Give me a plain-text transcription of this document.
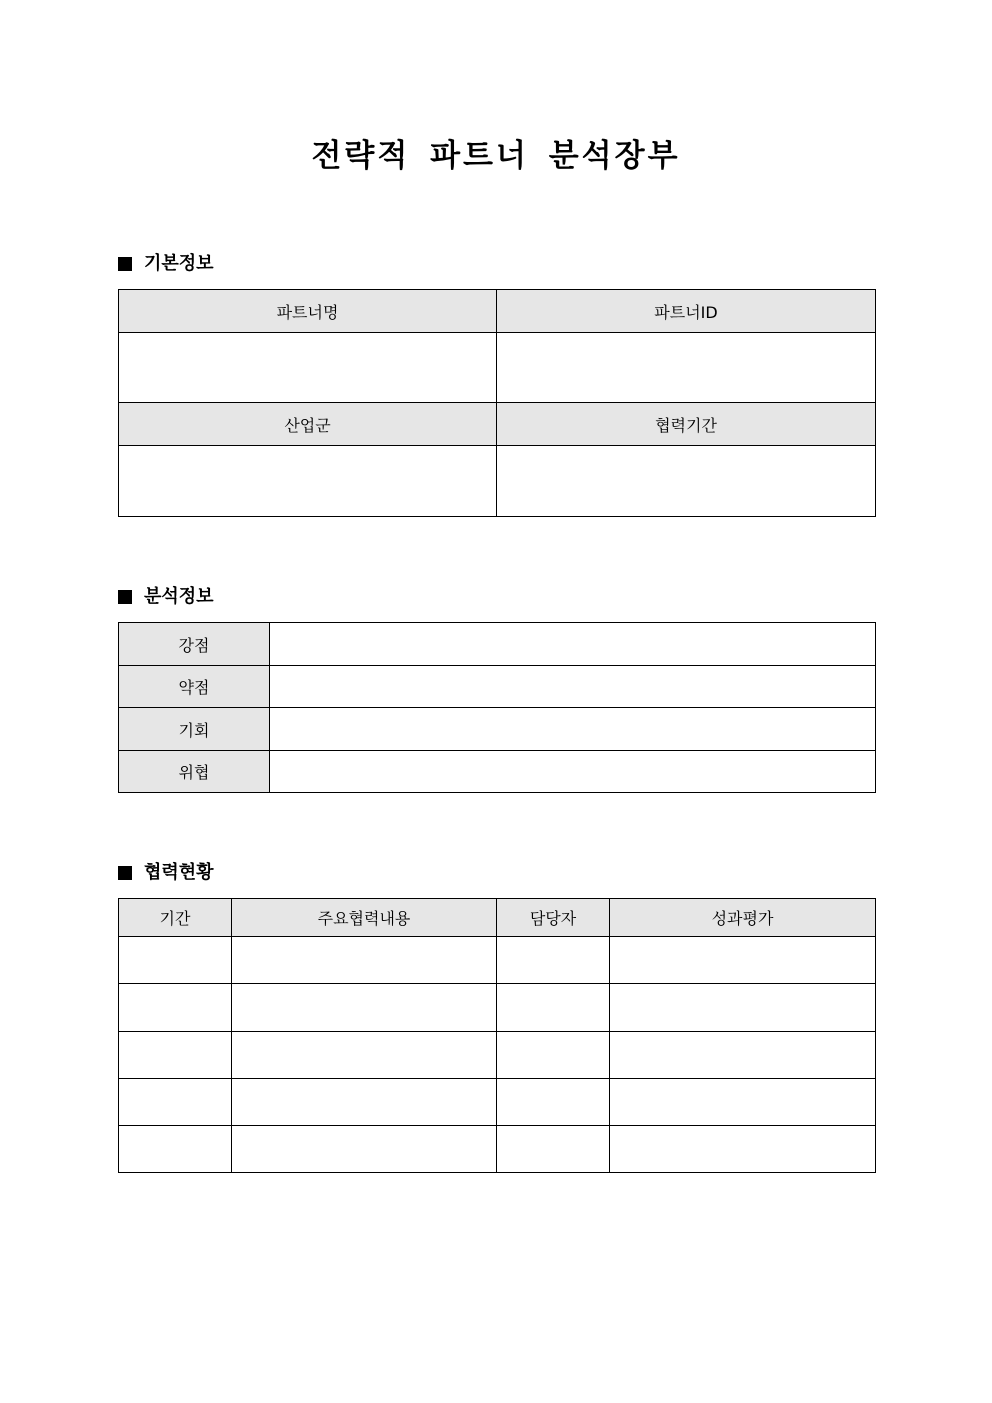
전략적 파트너 분석장부
기본정보
파트너명	파트너ID

산업군	협력기간

분석정보
강점	
약점	
기회	
위협	
협력현황
기간	주요협력내용	담당자	성과평가
